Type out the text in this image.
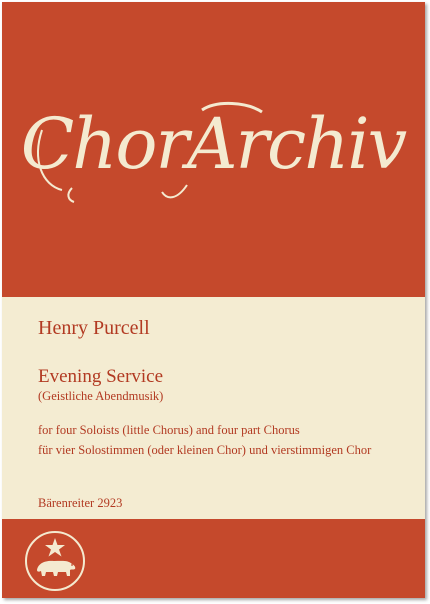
ChorArchiv
Henry Purcell
Evening Service
(Geistliche Abendmusik)
for four Soloists (little Chorus) and four part Chorus
für vier Solostimmen (oder kleinen Chor) und vierstimmigen Chor
Bärenreiter 2923
